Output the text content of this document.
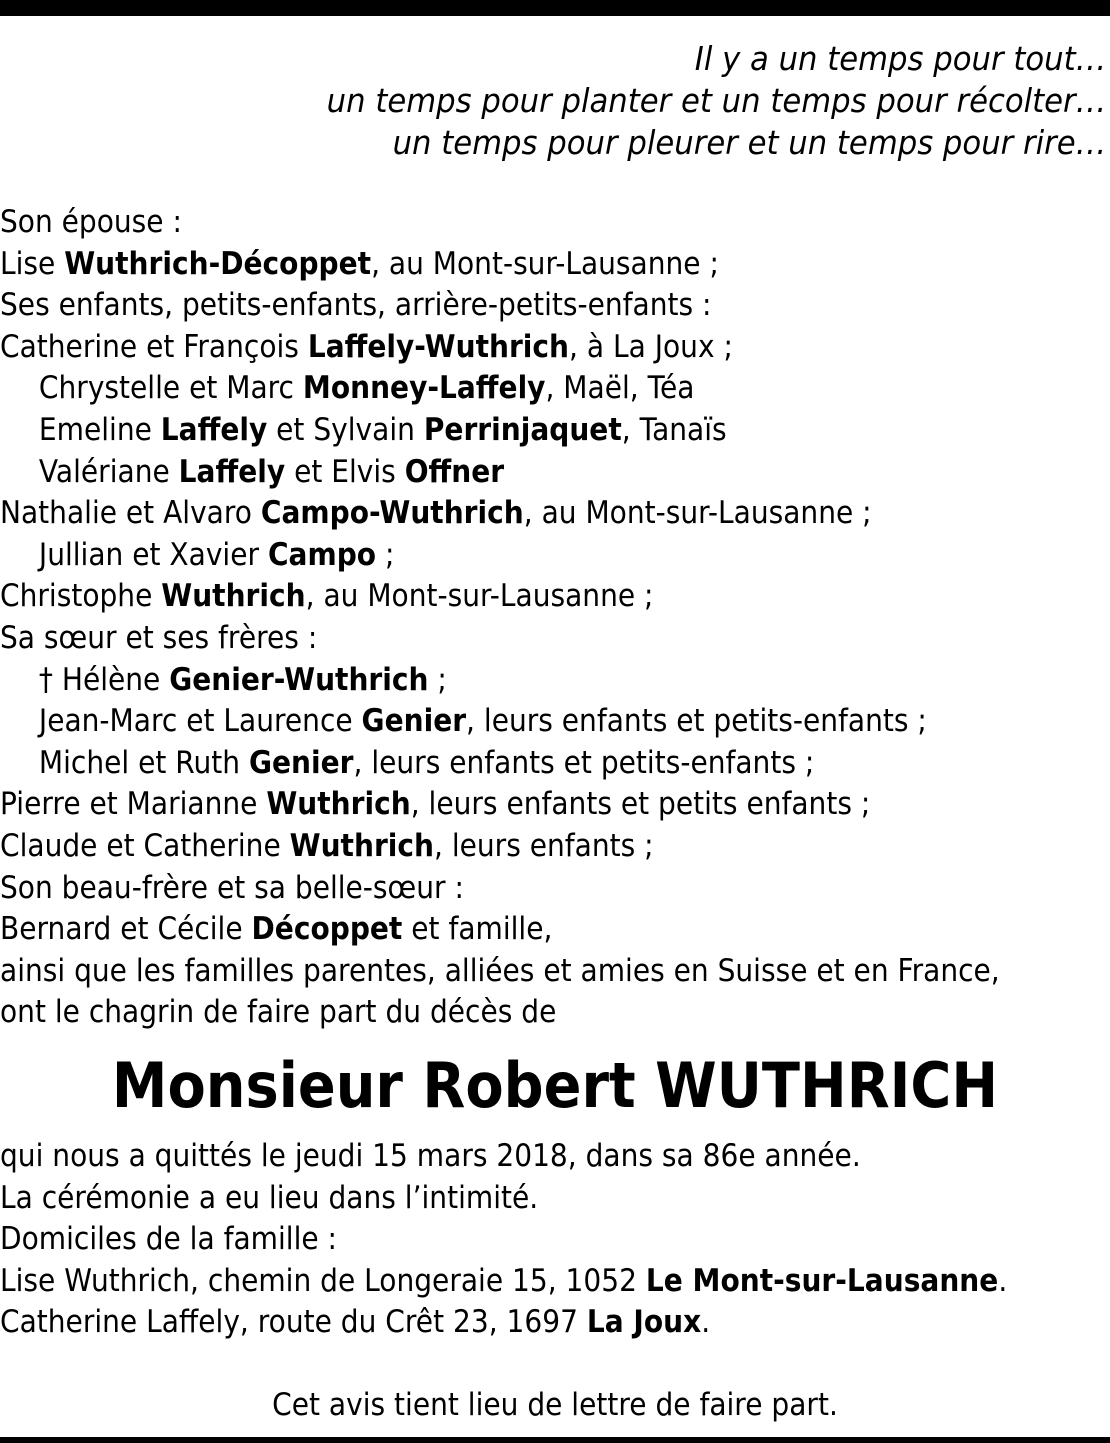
Il y a un temps pour tout…
un temps pour planter et un temps pour récolter…
un temps pour pleurer et un temps pour rire…
Son épouse :
Lise Wuthrich-Décoppet, au Mont-sur-Lausanne ;
Ses enfants, petits-enfants, arrière-petits-enfants :
Catherine et François Laffely-Wuthrich, à La Joux ;
Chrystelle et Marc Monney-Laffely, Maël, Téa
Emeline Laffely et Sylvain Perrinjaquet, Tanaïs
Valériane Laffely et Elvis Offner
Nathalie et Alvaro Campo-Wuthrich, au Mont-sur-Lausanne ;
Jullian et Xavier Campo ;
Christophe Wuthrich, au Mont-sur-Lausanne ;
Sa sœur et ses frères :
† Hélène Genier-Wuthrich ;
Jean-Marc et Laurence Genier, leurs enfants et petits-enfants ;
Michel et Ruth Genier, leurs enfants et petits-enfants ;
Pierre et Marianne Wuthrich, leurs enfants et petits enfants ;
Claude et Catherine Wuthrich, leurs enfants ;
Son beau-frère et sa belle-sœur :
Bernard et Cécile Décoppet et famille,
ainsi que les familles parentes, alliées et amies en Suisse et en France,
ont le chagrin de faire part du décès de
Monsieur Robert WUTHRICH
qui nous a quittés le jeudi 15 mars 2018, dans sa 86e année.
La cérémonie a eu lieu dans l’intimité.
Domiciles de la famille :
Lise Wuthrich, chemin de Longeraie 15, 1052 Le Mont-sur-Lausanne.
Catherine Laffely, route du Crêt 23, 1697 La Joux.
Cet avis tient lieu de lettre de faire part.
